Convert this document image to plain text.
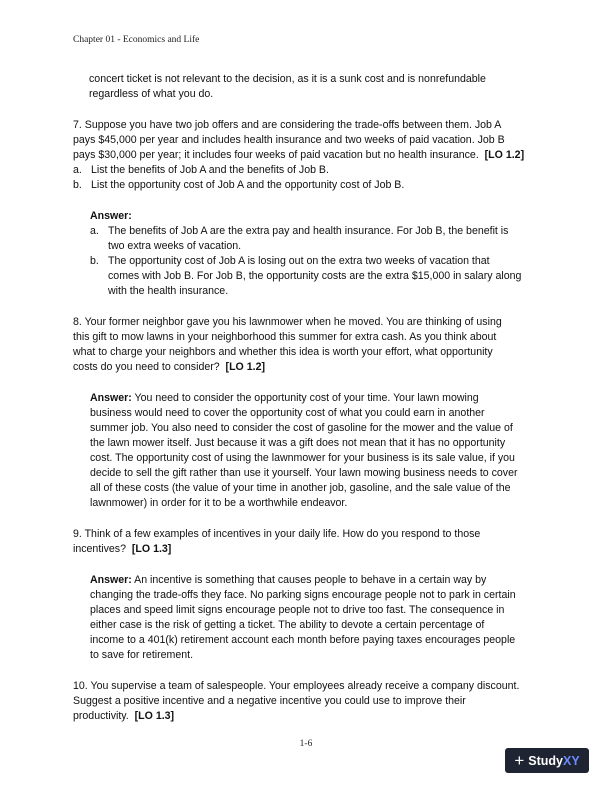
Chapter 01 - Economics and Life

concert ticket is not relevant to the decision, as it is a sunk cost and is nonrefundable

regardless of what you do.

7. Suppose you have two job offers and are considering the trade-offs between them. Job A

pays $45,000 per year and includes health insurance and two weeks of paid vacation. Job B

pays $30,000 per year; it includes four weeks of paid vacation but no health insurance. [LO 1.2]

a. List the benefits of Job A and the benefits of Job B.
b. List the opportunity cost of Job A and the opportunity cost of Job B.

Answer:

a. The benefits of Job A are the extra pay and health insurance. For Job B, the benefit is

two extra weeks of vacation.

b. The opportunity cost of Job A is losing out on the extra two weeks of vacation that

comes with Job B. For Job B, the opportunity costs are the extra $15,000 in salary along

with the health insurance.

8. Your former neighbor gave you his lawnmower when he moved. You are thinking of using

this gift to mow lawns in your neighborhood this summer for extra cash. As you think about

what to charge your neighbors and whether this idea is worth your effort, what opportunity

costs do you need to consider? [LO 1.2]

Answer: You need to consider the opportunity cost of your time. Your lawn mowing

business would need to cover the opportunity cost of what you could earn in another

summer job. You also need to consider the cost of gasoline for the mower and the value of

the lawn mower itself. Just because it was a gift does not mean that it has no opportunity

cost. The opportunity cost of using the lawnmower for your business is its sale value, if you

decide to sell the gift rather than use it yourself. Your lawn mowing business needs to cover

all of these costs (the value of your time in another job, gasoline, and the sale value of the

lawnmower) in order for it to be a worthwhile endeavor.

9. Think of a few examples of incentives in your daily life. How do you respond to those

incentives? [LO 1.3]

Answer: An incentive is something that causes people to behave in a certain way by

changing the trade-offs they face. No parking signs encourage people not to park in certain

places and speed limit signs encourage people not to drive too fast. The consequence in

either case is the risk of getting a ticket. The ability to devote a certain percentage of

income to a 401(k) retirement account each month before paying taxes encourages people

to save for retirement.

10. You supervise a team of salespeople. Your employees already receive a company discount.

Suggest a positive incentive and a negative incentive you could use to improve their

productivity. [LO 1.3]

1-6
+ Study XY
